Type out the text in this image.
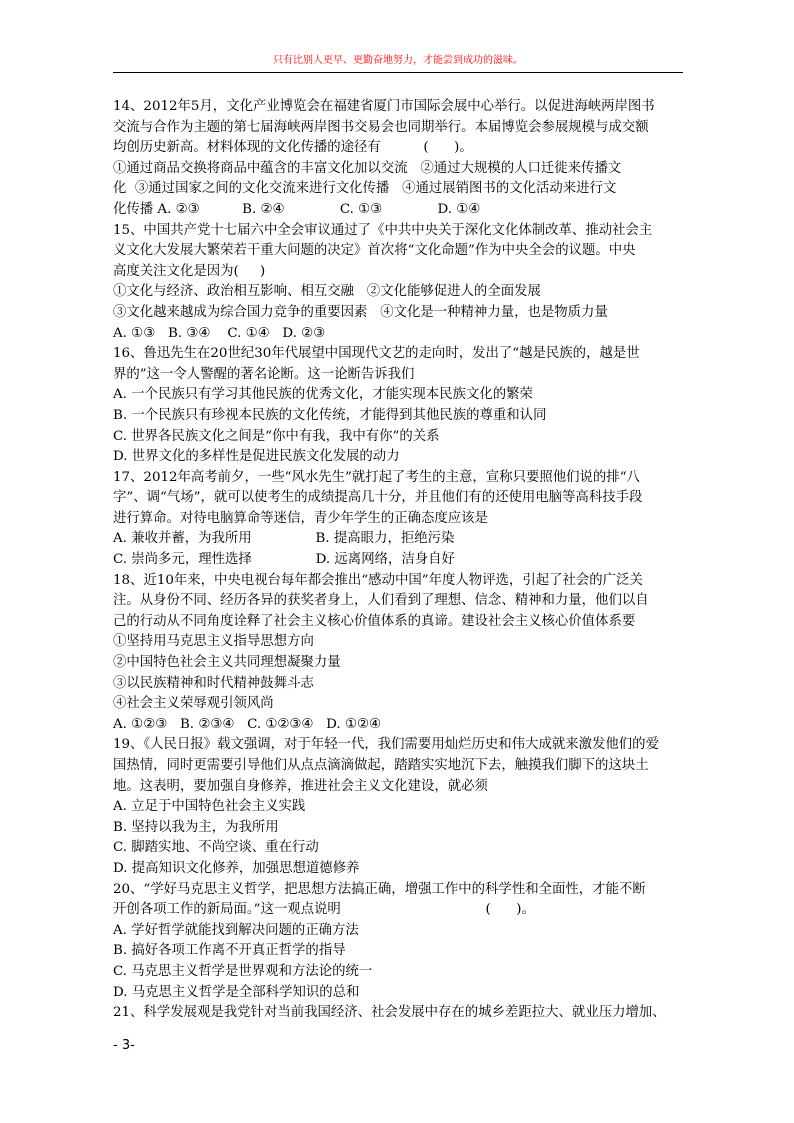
只有比别人更早、更勤奋地努力，才能尝到成功的滋味。
14、2012年5月，文化产业博览会在福建省厦门市国际会展中心举行。以促进海峡两岸图书
交流与合作为主题的第七届海峡两岸图书交易会也同期举行。本届博览会参展规模与成交额
均创历史新高。材料体现的文化传播的途径有          (      )。
①通过商品交换将商品中蕴含的丰富文化加以交流   ②通过大规模的人口迁徙来传播文
化  ③通过国家之间的文化交流来进行文化传播   ④通过展销图书的文化活动来进行文
化传播 A. ②③          B. ②④             C. ①③             D. ①④
15、中国共产党十七届六中全会审议通过了《中共中央关于深化文化体制改革、推动社会主
义文化大发展大繁荣若干重大问题的决定》首次将“文化命题”作为中央全会的议题。中央
高度关注文化是因为(     )
①文化与经济、政治相互影响、相互交融   ②文化能够促进人的全面发展
③文化越来越成为综合国力竞争的重要因素   ④文化是一种精神力量，也是物质力量
A. ①③   B. ③④    C. ①④   D. ②③
16、鲁迅先生在20世纪30年代展望中国现代文艺的走向时，发出了“越是民族的，越是世
界的”这一令人警醒的著名论断。这一论断告诉我们
A. 一个民族只有学习其他民族的优秀文化，才能实现本民族文化的繁荣
B. 一个民族只有珍视本民族的文化传统，才能得到其他民族的尊重和认同
C. 世界各民族文化之间是“你中有我，我中有你”的关系
D. 世界文化的多样性是促进民族文化发展的动力
17、2012年高考前夕，一些“风水先生”就打起了考生的主意，宣称只要照他们说的排“八
字”、调“气场”，就可以使考生的成绩提高几十分，并且他们有的还使用电脑等高科技手段
进行算命。对待电脑算命等迷信，青少年学生的正确态度应该是
A. 兼收并蓄，为我所用               B. 提高眼力，拒绝污染
C. 崇尚多元，理性选择               D. 远离网络，洁身自好
18、近10年来，中央电视台每年都会推出“感动中国”年度人物评选，引起了社会的广泛关
注。从身份不同、经历各异的获奖者身上，人们看到了理想、信念、精神和力量，他们以自
己的行动从不同角度诠释了社会主义核心价值体系的真谛。建设社会主义核心价值体系要
①坚持用马克思主义指导思想方向
②中国特色社会主义共同理想凝聚力量
③以民族精神和时代精神鼓舞斗志
④社会主义荣辱观引领风尚
A. ①②③   B. ②③④   C. ①②③④   D. ①②④
19、《人民日报》载文强调，对于年轻一代，我们需要用灿烂历史和伟大成就来激发他们的爱
国热情，同时更需要引导他们从点点滴滴做起，踏踏实实地沉下去，触摸我们脚下的这块土
地。这表明，要加强自身修养，推进社会主义文化建设，就必须
A. 立足于中国特色社会主义实践
B. 坚持以我为主，为我所用
C. 脚踏实地、不尚空谈、重在行动
D. 提高知识文化修养，加强思想道德修养
20、“学好马克思主义哲学，把思想方法搞正确，增强工作中的科学性和全面性，才能不断
开创各项工作的新局面。”这一观点说明                                  (      )。
A. 学好哲学就能找到解决问题的正确方法
B. 搞好各项工作离不开真正哲学的指导
C. 马克思主义哲学是世界观和方法论的统一
D. 马克思主义哲学是全部科学知识的总和
21、科学发展观是我党针对当前我国经济、社会发展中存在的城乡差距拉大、就业压力增加、
- 3-
